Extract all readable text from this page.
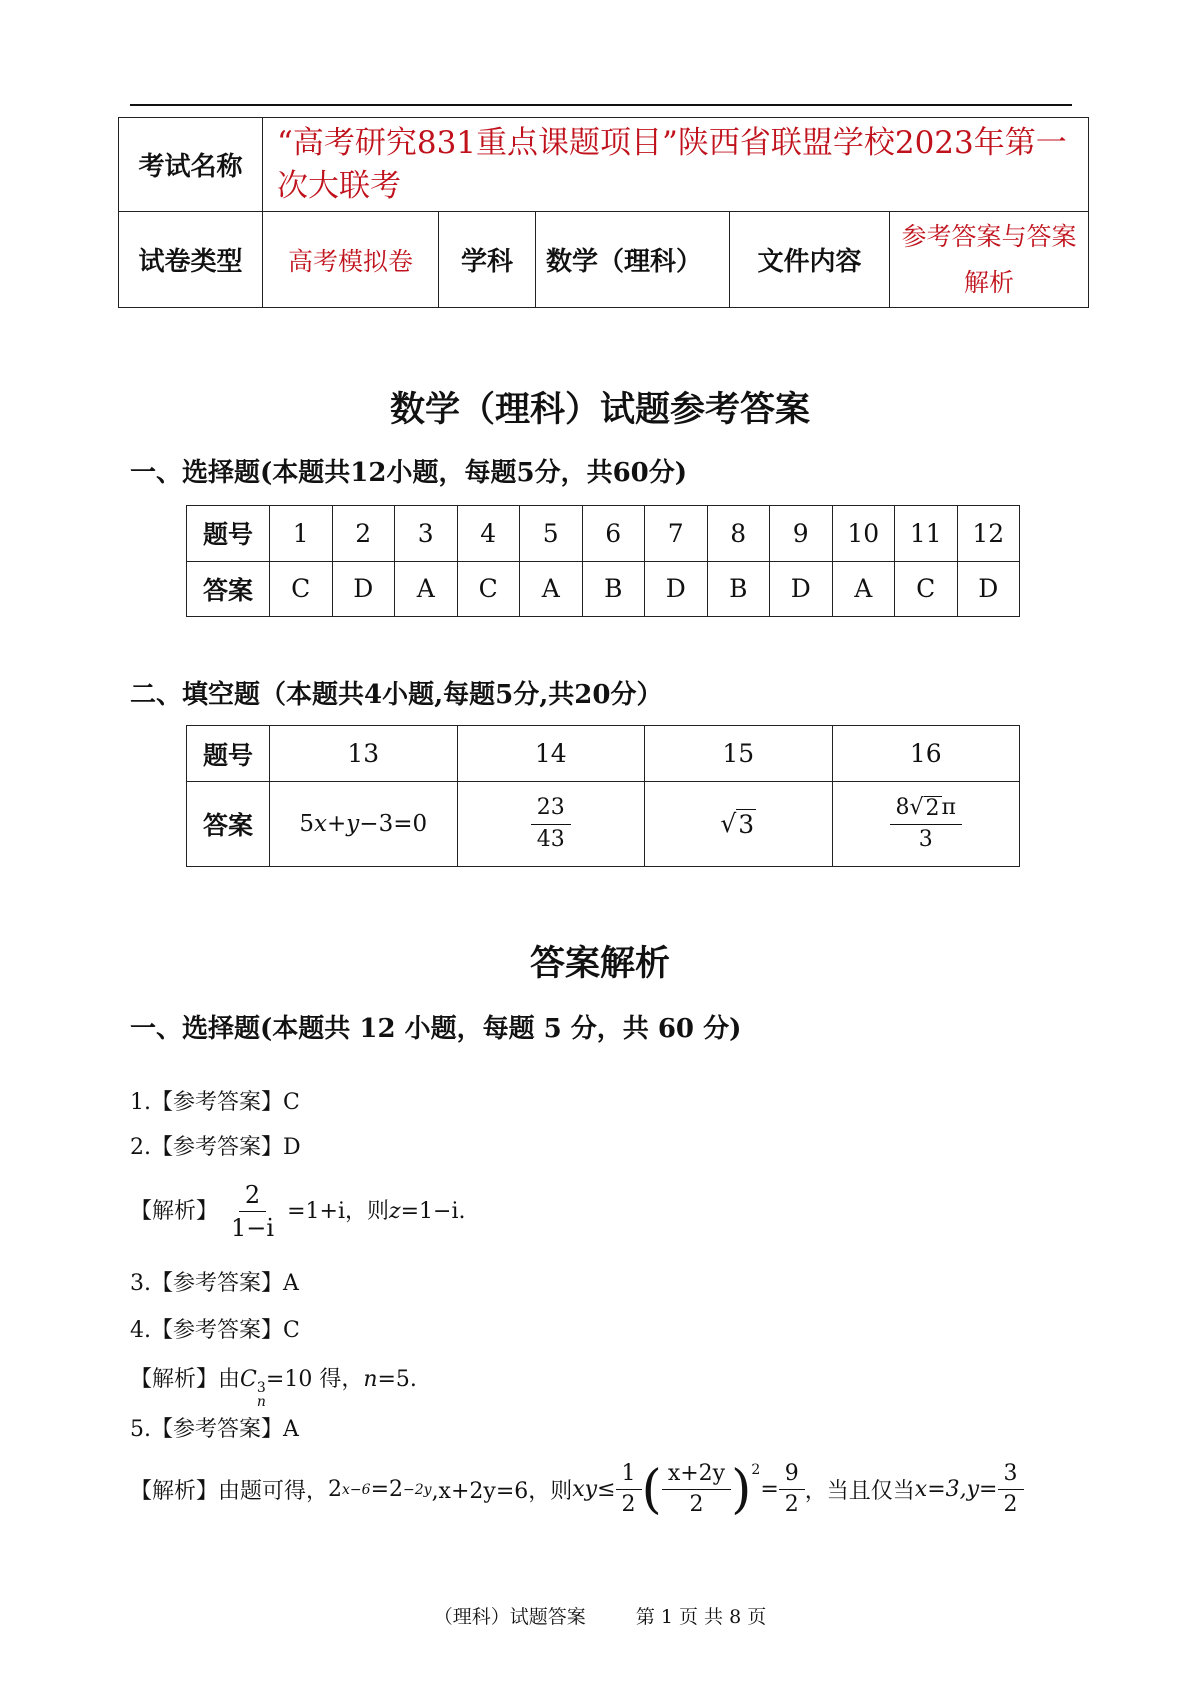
考试名称	“高考研究831重点课题项目”陕西省联盟学校2023年第一次大联考				
试卷类型	高考模拟卷	学科	数学（理科）	文件内容	参考答案与答案解析
数学（理科）试题参考答案
一、选择题(本题共12小题，每题5分，共60分)
题号	1	2	3	4	5	6	7	8	9	10	11	12
答案	C	D	A	C	A	B	D	B	D	A	C	D
二、填空题（本题共4小题,每题5分,共20分）
题号	13	14	15	16
答案	5x+y−3=0	$\frac{23}{43}$	√ 3	$\frac{8√ 2 \pi}{3}$
答案解析
一、选择题(本题共 12 小题，每题 5 分，共 60 分)
1.【参考答案】C
2.【参考答案】D
【解析】 $\frac{2}{1-i} =1+i$，则z=1−i.
3.【参考答案】A
4.【参考答案】C
【解析】由C 3
n
=10 得，n=5.
5.【参考答案】A
【解析】 由题可得， 2 x−6 =2 −2y ,x+2y=6，则 xy ≤ $\frac{1}{2}$ ( $\frac{x+2y}{2} )^2$
= $\frac{9}{2}$ ，当且仅当 $x=3,y= \frac{3}{2}$
（理科）试题答案	第 1 页 共 8 页
